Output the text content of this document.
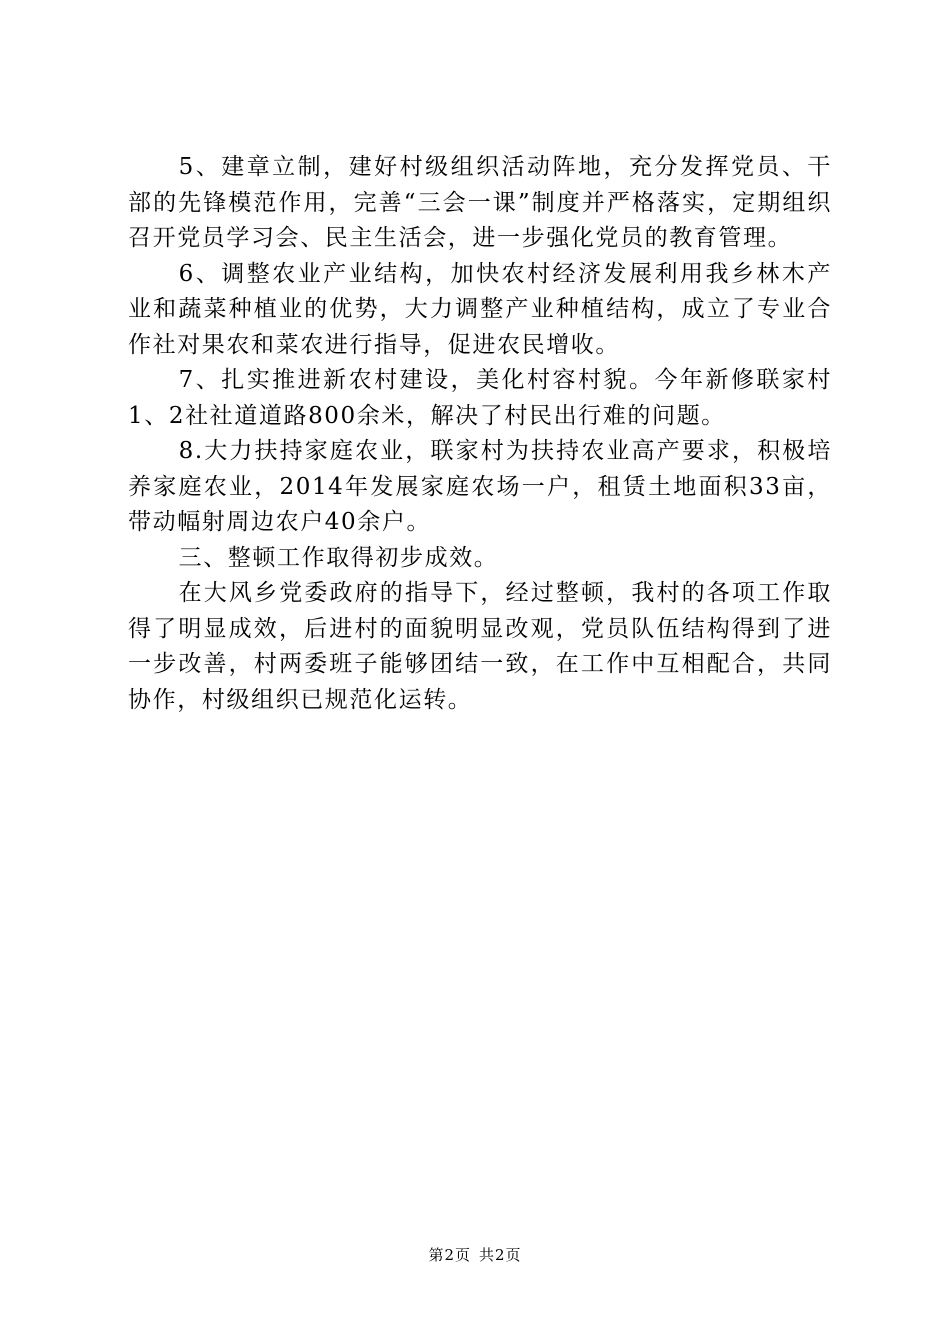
5、建章立制，建好村级组织活动阵地，充分发挥党员、干部的先锋模范作用，完善“三会一课”制度并严格落实，定期组织召开党员学习会、民主生活会，进一步强化党员的教育管理。

6、调整农业产业结构，加快农村经济发展利用我乡林木产业和蔬菜种植业的优势，大力调整产业种植结构，成立了专业合作社对果农和菜农进行指导，促进农民增收。

7、扎实推进新农村建设，美化村容村貌。今年新修联家村1、2社社道道路800余米，解决了村民出行难的问题。

8.大力扶持家庭农业，联家村为扶持农业高产要求，积极培养家庭农业，2014年发展家庭农场一户，租赁土地面积33亩，带动幅射周边农户40余户。

三、整顿工作取得初步成效。

在大风乡党委政府的指导下，经过整顿，我村的各项工作取得了明显成效，后进村的面貌明显改观，党员队伍结构得到了进一步改善，村两委班子能够团结一致，在工作中互相配合，共同协作，村级组织已规范化运转。

第2页 共2页
